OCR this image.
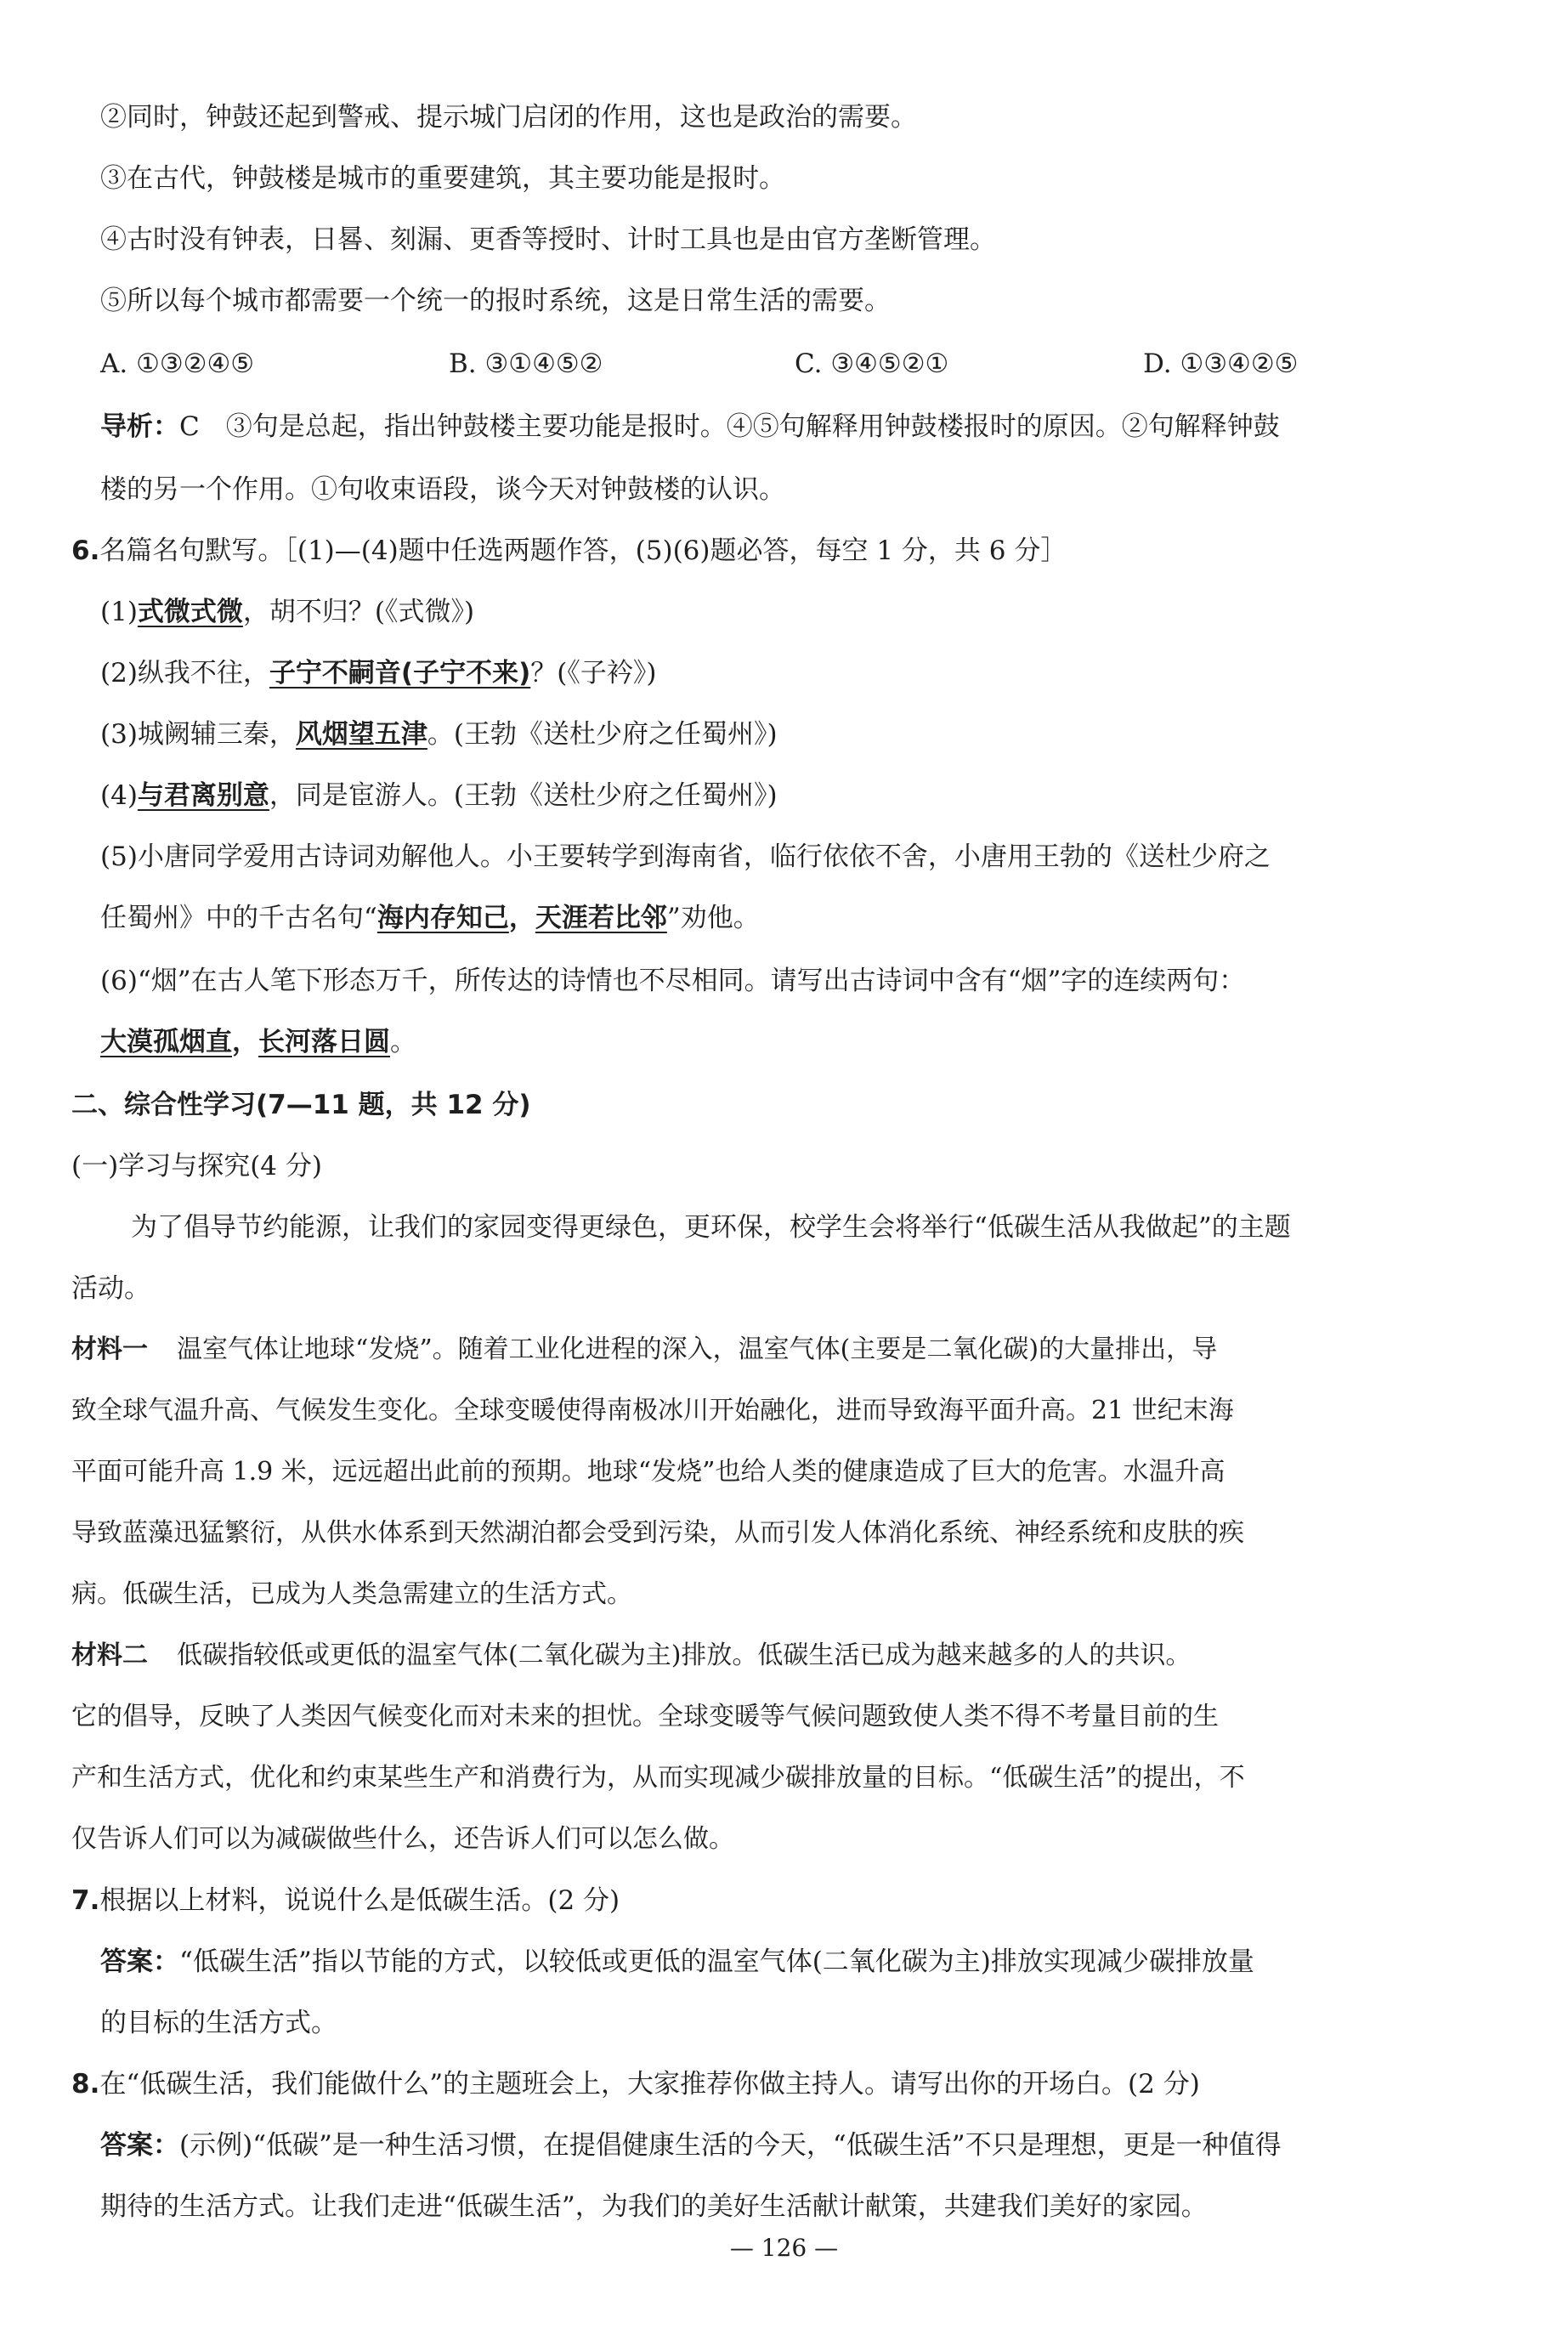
②同时，钟鼓还起到警戒、提示城门启闭的作用，这也是政治的需要。
③在古代，钟鼓楼是城市的重要建筑，其主要功能是报时。
④古时没有钟表，日晷、刻漏、更香等授时、计时工具也是由官方垄断管理。
⑤所以每个城市都需要一个统一的报时系统，这是日常生活的需要。
A. ①③②④⑤	B. ③①④⑤②	C. ③④⑤②①	D. ①③④②⑤
导析：C　③句是总起，指出钟鼓楼主要功能是报时。④⑤句解释用钟鼓楼报时的原因。②句解释钟鼓
楼的另一个作用。①句收束语段，谈今天对钟鼓楼的认识。
6.名篇名句默写。［(1)—(4)题中任选两题作答，(5)(6)题必答，每空 1 分，共 6 分］
(1)式微式微，胡不归？(《式微》)
(2)纵我不往，子宁不嗣音(子宁不来)？(《子衿》)
(3)城阙辅三秦，风烟望五津。(王勃《送杜少府之任蜀州》)
(4)与君离别意，同是宦游人。(王勃《送杜少府之任蜀州》)
(5)小唐同学爱用古诗词劝解他人。小王要转学到海南省，临行依依不舍，小唐用王勃的《送杜少府之
任蜀州》中的千古名句“海内存知己，天涯若比邻”劝他。
(6)“烟”在古人笔下形态万千，所传达的诗情也不尽相同。请写出古诗词中含有“烟”字的连续两句：
大漠孤烟直，长河落日圆。
二、综合性学习(7—11 题，共 12 分)
(一)学习与探究(4 分)
为了倡导节约能源，让我们的家园变得更绿色，更环保，校学生会将举行“低碳生活从我做起”的主题
活动。
材料一 温室气体让地球“发烧”。随着工业化进程的深入，温室气体(主要是二氧化碳)的大量排出，导
致全球气温升高、气候发生变化。全球变暖使得南极冰川开始融化，进而导致海平面升高。21 世纪末海
平面可能升高 1.9 米，远远超出此前的预期。地球“发烧”也给人类的健康造成了巨大的危害。水温升高
导致蓝藻迅猛繁衍，从供水体系到天然湖泊都会受到污染，从而引发人体消化系统、神经系统和皮肤的疾
病。低碳生活，已成为人类急需建立的生活方式。
材料二 低碳指较低或更低的温室气体(二氧化碳为主)排放。低碳生活已成为越来越多的人的共识。
它的倡导，反映了人类因气候变化而对未来的担忧。全球变暖等气候问题致使人类不得不考量目前的生
产和生活方式，优化和约束某些生产和消费行为，从而实现减少碳排放量的目标。“低碳生活”的提出，不
仅告诉人们可以为减碳做些什么，还告诉人们可以怎么做。
7.根据以上材料，说说什么是低碳生活。(2 分)
答案：“低碳生活”指以节能的方式，以较低或更低的温室气体(二氧化碳为主)排放实现减少碳排放量
的目标的生活方式。
8.在“低碳生活，我们能做什么”的主题班会上，大家推荐你做主持人。请写出你的开场白。(2 分)
答案：(示例)“低碳”是一种生活习惯，在提倡健康生活的今天，“低碳生活”不只是理想，更是一种值得
期待的生活方式。让我们走进“低碳生活”，为我们的美好生活献计献策，共建我们美好的家园。
— 126 —
